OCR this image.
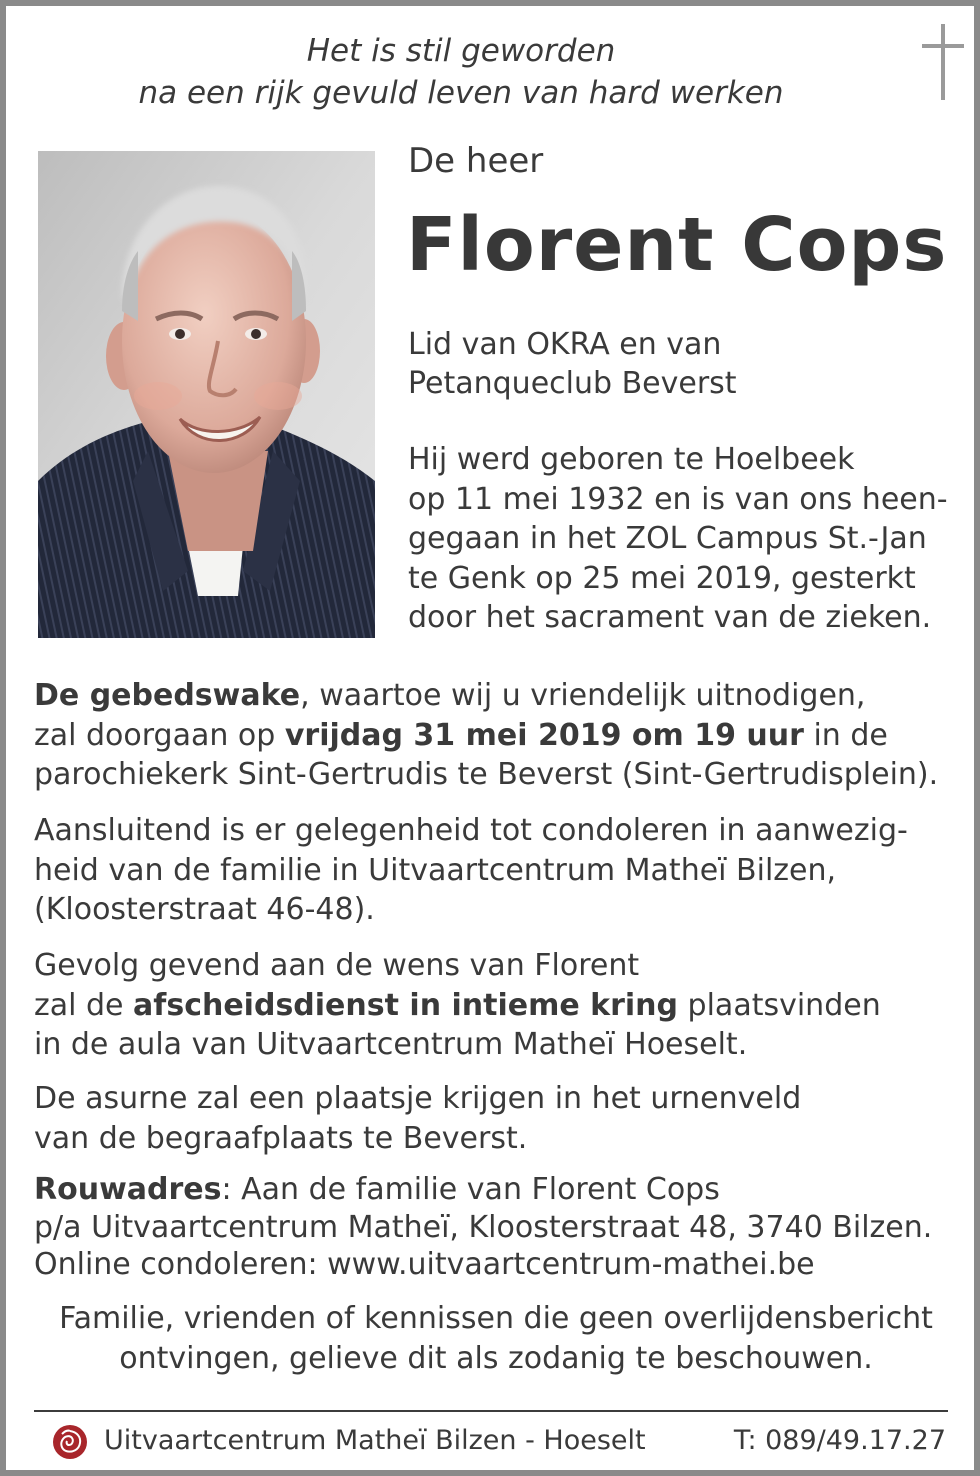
Het is stil geworden
na een rijk gevuld leven van hard werken
De heer
Florent Cops
Lid van OKRA en van
Petanqueclub Beverst
Hij werd geboren te Hoelbeek
op 11 mei 1932 en is van ons heen-
gegaan in het ZOL Campus St.-Jan
te Genk op 25 mei 2019, gesterkt
door het sacrament van de zieken.
De gebedswake, waartoe wij u vriendelijk uitnodigen,
zal doorgaan op vrijdag 31 mei 2019 om 19 uur in de
parochiekerk Sint-Gertrudis te Beverst (Sint-Gertrudisplein).
Aansluitend is er gelegenheid tot condoleren in aanwezig-
heid van de familie in Uitvaartcentrum Matheï Bilzen,
(Kloosterstraat 46-48).
Gevolg gevend aan de wens van Florent
zal de afscheidsdienst in intieme kring plaatsvinden
in de aula van Uitvaartcentrum Matheï Hoeselt.
De asurne zal een plaatsje krijgen in het urnenveld
van de begraafplaats te Beverst.
Rouwadres: Aan de familie van Florent Cops
p/a Uitvaartcentrum Matheï, Kloosterstraat 48, 3740 Bilzen.
Online condoleren: www.uitvaartcentrum-mathei.be
Familie, vrienden of kennissen die geen overlijdensbericht
ontvingen, gelieve dit als zodanig te beschouwen.
Uitvaartcentrum Matheï Bilzen - Hoeselt	T: 089/49.17.27
